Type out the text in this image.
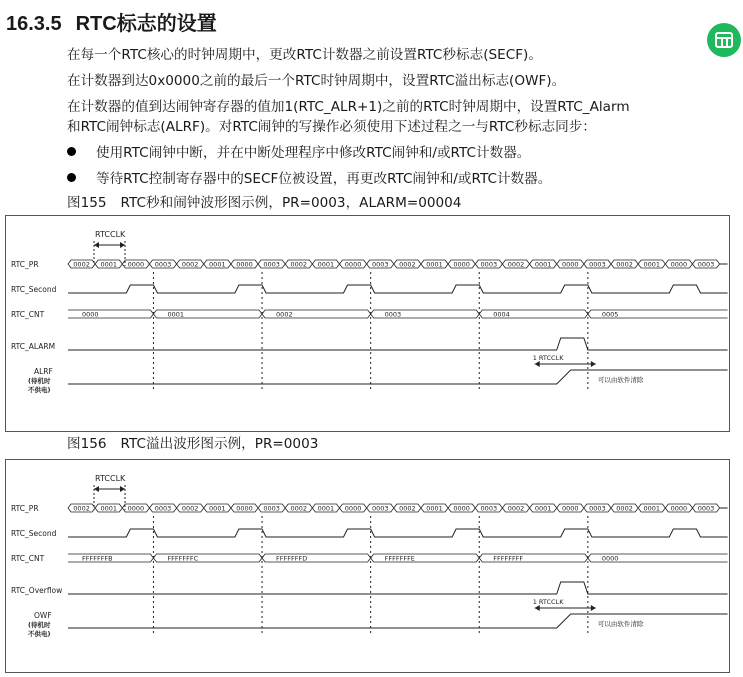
16.3.5 RTC标志的设置
在每一个RTC核心的时钟周期中，更改RTC计数器之前设置RTC秒标志(SECF)。
在计数器到达0x0000之前的最后一个RTC时钟周期中，设置RTC溢出标志(OWF)。
在计数器的值到达闹钟寄存器的值加1(RTC_ALR+1)之前的RTC时钟周期中，设置RTC_Alarm
和RTC闹钟标志(ALRF)。对RTC闹钟的写操作必须使用下述过程之一与RTC秒标志同步：
使用RTC闹钟中断，并在中断处理程序中修改RTC闹钟和/或RTC计数器。
等待RTC控制寄存器中的SECF位被设置，再更改RTC闹钟和/或RTC计数器。
图155 RTC秒和闹钟波形图示例，PR=0003，ALARM=00004
RTCCLK
RTC_PR
RTC_Second
RTC_CNT
RTC_ALARM
ALRF
(待机时
不供电)
0002 0001 0000 0003 0002 0001 0000 0003 0002 0001 0000 0003 0002 0001 0000 0003 0002 0001 0000 0003 0002 0001 0000 0003
0000	0001	0002	0003	0004	0005
1 RTCCLK
可以由软件清除
图156 RTC溢出波形图示例，PR=0003
RTCCLK
RTC_PR
RTC_Second
RTC_CNT
RTC_Overflow
OWF
(待机时
不供电)
0002 0001 0000 0003 0002 0001 0000 0003 0002 0001 0000 0003 0002 0001 0000 0003 0002 0001 0000 0003 0002 0001 0000 0003
FFFFFFFB	FFFFFFFC	FFFFFFFD	FFFFFFFE	FFFFFFFF	0000
1 RTCCLK
可以由软件清除
